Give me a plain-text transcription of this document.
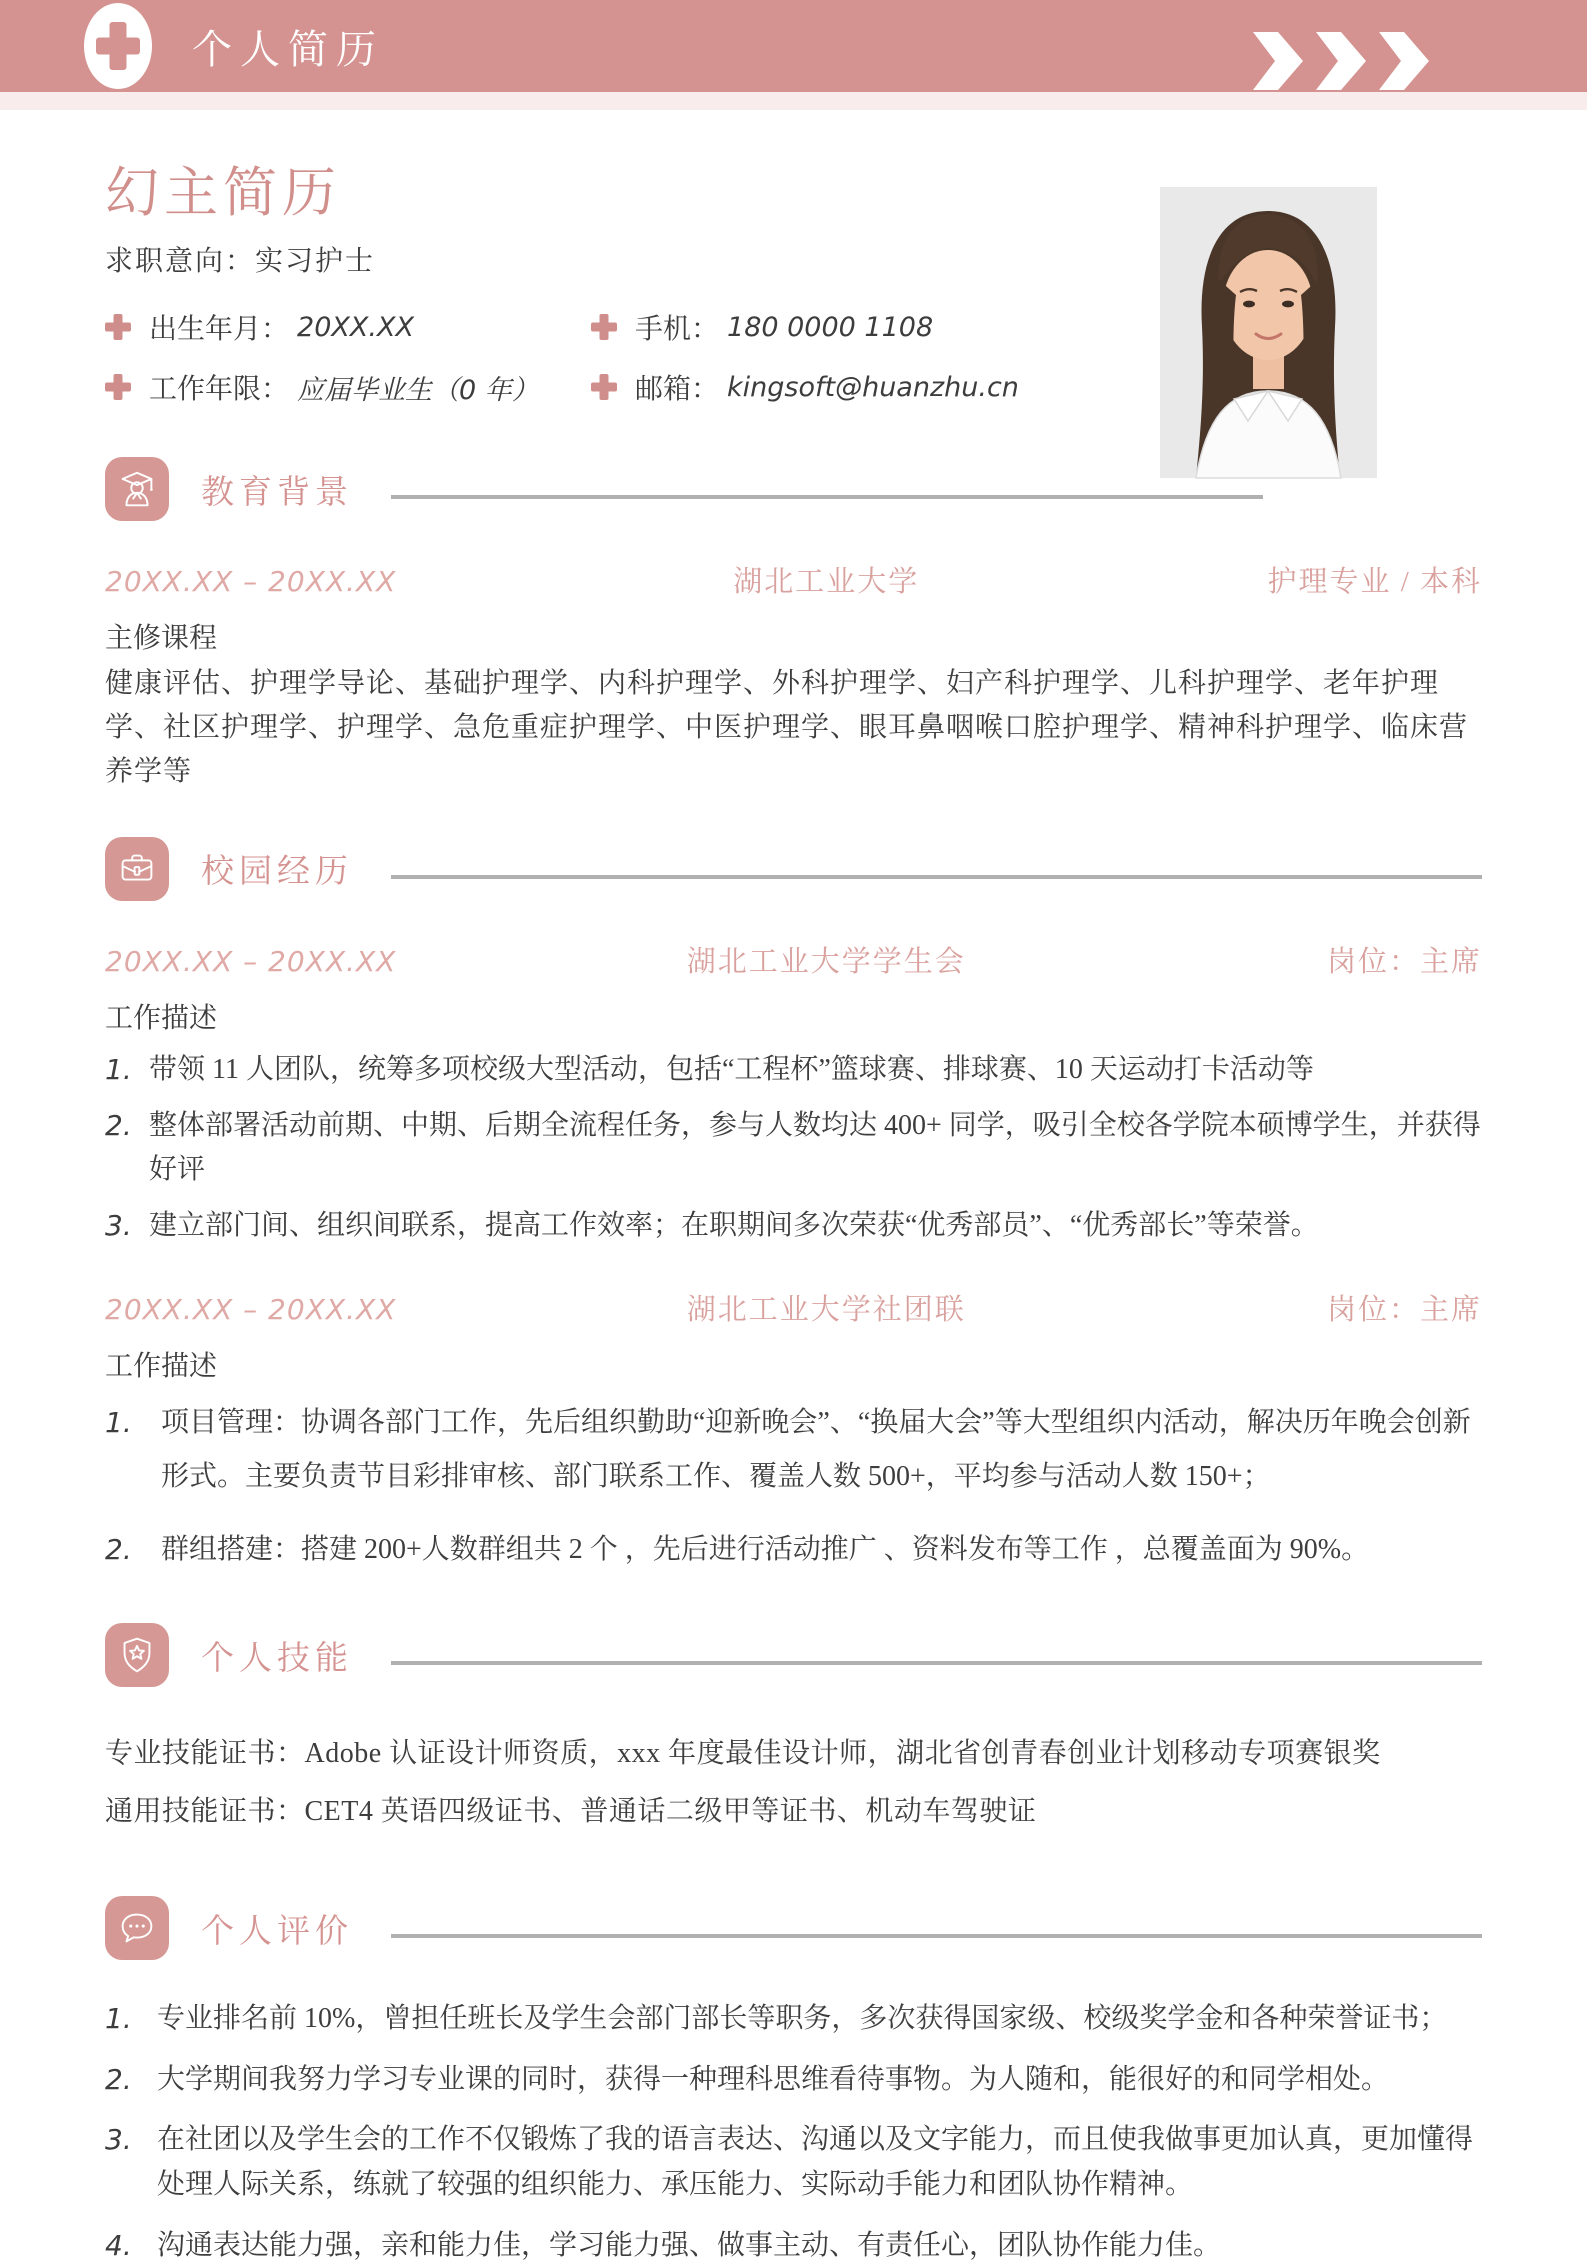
个人简历
幻主简历
求职意向：实习护士
出生年月： 20XX.XX	手机： 180 0000 1108
工作年限： 应届毕业生（0 年）	邮箱： kingsoft@huanzhu.cn
教育背景
20XX.XX – 20XX.XX	湖北工业大学	护理专业 / 本科
主修课程
健康评估、护理学导论、基础护理学、内科护理学、外科护理学、妇产科护理学、儿科护理学、老年护理学、社区护理学、护理学、急危重症护理学、中医护理学、眼耳鼻咽喉口腔护理学、精神科护理学、临床营养学等
校园经历
20XX.XX – 20XX.XX	湖北工业大学学生会	岗位：主席
工作描述
1. 带领 11 人团队，统筹多项校级大型活动，包括“工程杯”篮球赛、排球赛、10 天运动打卡活动等
2. 整体部署活动前期、中期、后期全流程任务，参与人数均达 400+ 同学，吸引全校各学院本硕博学生，并获得好评
3. 建立部门间、组织间联系，提高工作效率；在职期间多次荣获“优秀部员”、“优秀部长”等荣誉。
20XX.XX – 20XX.XX	湖北工业大学社团联	岗位：主席
工作描述
1.	项目管理：协调各部门工作，先后组织勤助“迎新晚会”、“换届大会”等大型组织内活动，解决历年晚会创新形式。主要负责节目彩排审核、部门联系工作、覆盖人数 500+，平均参与活动人数 150+；
2.	群组搭建：搭建 200+人数群组共 2 个 ，先后进行活动推广 、资料发布等工作 ，总覆盖面为 90%。
个人技能
专业技能证书：Adobe 认证设计师资质，xxx 年度最佳设计师，湖北省创青春创业计划移动专项赛银奖
通用技能证书：CET4 英语四级证书、普通话二级甲等证书、机动车驾驶证
个人评价
1. 专业排名前 10%，曾担任班长及学生会部门部长等职务，多次获得国家级、校级奖学金和各种荣誉证书；
2. 大学期间我努力学习专业课的同时，获得一种理科思维看待事物。为人随和，能很好的和同学相处。
3. 在社团以及学生会的工作不仅锻炼了我的语言表达、沟通以及文字能力，而且使我做事更加认真，更加懂得处理人际关系，练就了较强的组织能力、承压能力、实际动手能力和团队协作精神。
4. 沟通表达能力强，亲和能力佳，学习能力强、做事主动、有责任心，团队协作能力佳。
